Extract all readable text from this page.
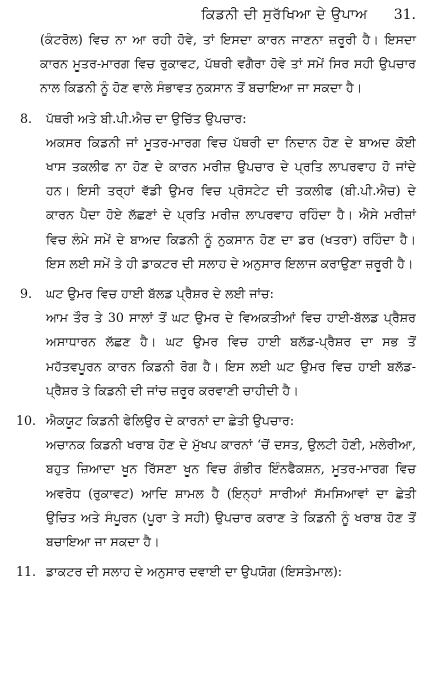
ਕਿਡਨੀ ਦੀ ਸੁਰੱਖਿਆ ਦੇ ਉਪਾਅ 31.

(ਕੰਟਰੋਲ) ਵਿਚ ਨਾ ਆ ਰਹੀ ਹੋਵੇ, ਤਾਂ ਇਸਦਾ ਕਾਰਨ ਜਾਣਨਾ ਜ਼ਰੂਰੀ ਹੈ। ਇਸਦਾ ਕਾਰਨ ਮੂਤਰ-ਮਾਰਗ ਵਿਚ ਰੁਕਾਵਟ, ਪੱਥਰੀ ਵਗੈਰਾ ਹੋਵੇ ਤਾਂ ਸਮੇਂ ਸਿਰ ਸਹੀ ਉਪਚਾਰ ਨਾਲ ਕਿਡਨੀ ਨੂੰ ਹੋਣ ਵਾਲੇ ਸੰਭਾਵਤ ਨੁਕਸਾਨ ਤੋਂ ਬਚਾਇਆ ਜਾ ਸਕਦਾ ਹੈ।

8.	ਪੱਥਰੀ ਅਤੇ ਬੀ.ਪੀ.ਐਚ ਦਾ ਉਚਿੱਤ ਉਪਚਾਰ:

ਅਕਸਰ ਕਿਡਨੀ ਜਾਂ ਮੂਤਰ-ਮਾਰਗ ਵਿਚ ਪੱਥਰੀ ਦਾ ਨਿਦਾਨ ਹੋਣ ਦੇ ਬਾਅਦ ਕੋਈ ਖਾਸ ਤਕਲੀਫ ਨਾ ਹੋਣ ਦੇ ਕਾਰਨ ਮਰੀਜ਼ ਉਪਚਾਰ ਦੇ ਪ੍ਰਤਿ ਲਾਪਰਵਾਹ ਹੋ ਜਾਂਦੇ ਹਨ। ਇਸੀ ਤਰ੍ਹਾਂ ਵੱਡੀ ਉਮਰ ਵਿਚ ਪ੍ਰੋਸਟੇਟ ਦੀ ਤਕਲੀਫ (ਬੀ.ਪੀ.ਐਚ) ਦੇ ਕਾਰਨ ਪੈਦਾ ਹੋਏ ਲੱਛਣਾਂ ਦੇ ਪ੍ਰਤਿ ਮਰੀਜ਼ ਲਾਪਰਵਾਹ ਰਹਿੰਦਾ ਹੈ। ਐਸੇ ਮਰੀਜ਼ਾਂ ਵਿਚ ਲੰਮੇ ਸਮੇਂ ਦੇ ਬਾਅਦ ਕਿਡਨੀ ਨੂੰ ਨੁਕਸਾਨ ਹੋਣ ਦਾ ਡਰ (ਖਤਰਾ) ਰਹਿੰਦਾ ਹੈ। ਇਸ ਲਈ ਸਮੇਂ ਤੇ ਹੀ ਡਾਕਟਰ ਦੀ ਸਲਾਹ ਦੇ ਅਨੁਸਾਰ ਇਲਾਜ ਕਰਾਉਣਾ ਜ਼ਰੂਰੀ ਹੈ।

9.	ਘਟ ਉਮਰ ਵਿਚ ਹਾਈ ਬੱਲਡ ਪ੍ਰੈਸ਼ਰ ਦੇ ਲਈ ਜਾਂਚ:

ਆਮ ਤੌਰ ਤੇ 30 ਸਾਲਾਂ ਤੋਂ ਘਟ ਉਮਰ ਦੇ ਵਿਅਕਤੀਆਂ ਵਿਚ ਹਾਈ-ਬੱਲਡ ਪ੍ਰੈਸ਼ਰ ਅਸਾਧਾਰਨ ਲੱਛਣ ਹੈ। ਘਟ ਉਮਰ ਵਿਚ ਹਾਈ ਬਲੱਡ-ਪ੍ਰੈਸ਼ਰ ਦਾ ਸਭ ਤੋਂ ਮਹੱਤਵਪੂਰਨ ਕਾਰਨ ਕਿਡਨੀ ਰੋਗ ਹੈ। ਇਸ ਲਈ ਘਟ ਉਮਰ ਵਿਚ ਹਾਈ ਬਲੱਡ-ਪ੍ਰੈਸ਼ਰ ਤੇ ਕਿਡਨੀ ਦੀ ਜਾਂਚ ਜ਼ਰੂਰ ਕਰਵਾਣੀ ਚਾਹੀਦੀ ਹੈ।

10. ਐਕਯੂਟ ਕਿਡਨੀ ਫੇਲਿਉਰ ਦੇ ਕਾਰਨਾਂ ਦਾ ਛੇਤੀ ਉਪਚਾਰ:

ਅਚਾਨਕ ਕਿਡਨੀ ਖਰਾਬ ਹੋਣ ਦੇ ਮੁੱਖਪ ਕਾਰਨਾਂ ‘ਚੋਂ ਦਸਤ, ਉਲਟੀ ਹੋਣੀ, ਮਲੇਰੀਆ, ਬਹੁਤ ਜ਼ਿਆਦਾ ਖੂਨ ਰਿੱਸਣਾ ਖੂਨ ਵਿਚ ਗੰਭੀਰ ਇੰਨਫੈਕਸ਼ਨ, ਮੂਤਰ-ਮਾਰਗ ਵਿਚ ਅਵਰੋਧ (ਰੁਕਾਵਟ) ਆਦਿ ਸ਼ਾਮਲ ਹੈ (ਇਨ੍ਹਾਂ ਸਾਰੀਆਂ ਸੱਮਸਿਆਵਾਂ ਦਾ ਛੇਤੀ ਉਚਿਤ ਅਤੇ ਸੰਪੂਰਨ (ਪੂਰਾ ਤੇ ਸਹੀ) ਉਪਚਾਰ ਕਰਾਣ ਤੇ ਕਿਡਨੀ ਨੂੰ ਖਰਾਬ ਹੋਣ ਤੋਂ ਬਚਾਇਆ ਜਾ ਸਕਦਾ ਹੈ।

11. ਡਾਕਟਰ ਦੀ ਸਲਾਹ ਦੇ ਅਨੁਸਾਰ ਦਵਾਈ ਦਾ ਉਪਯੋਗ (ਇਸਤੇਮਾਲ):
